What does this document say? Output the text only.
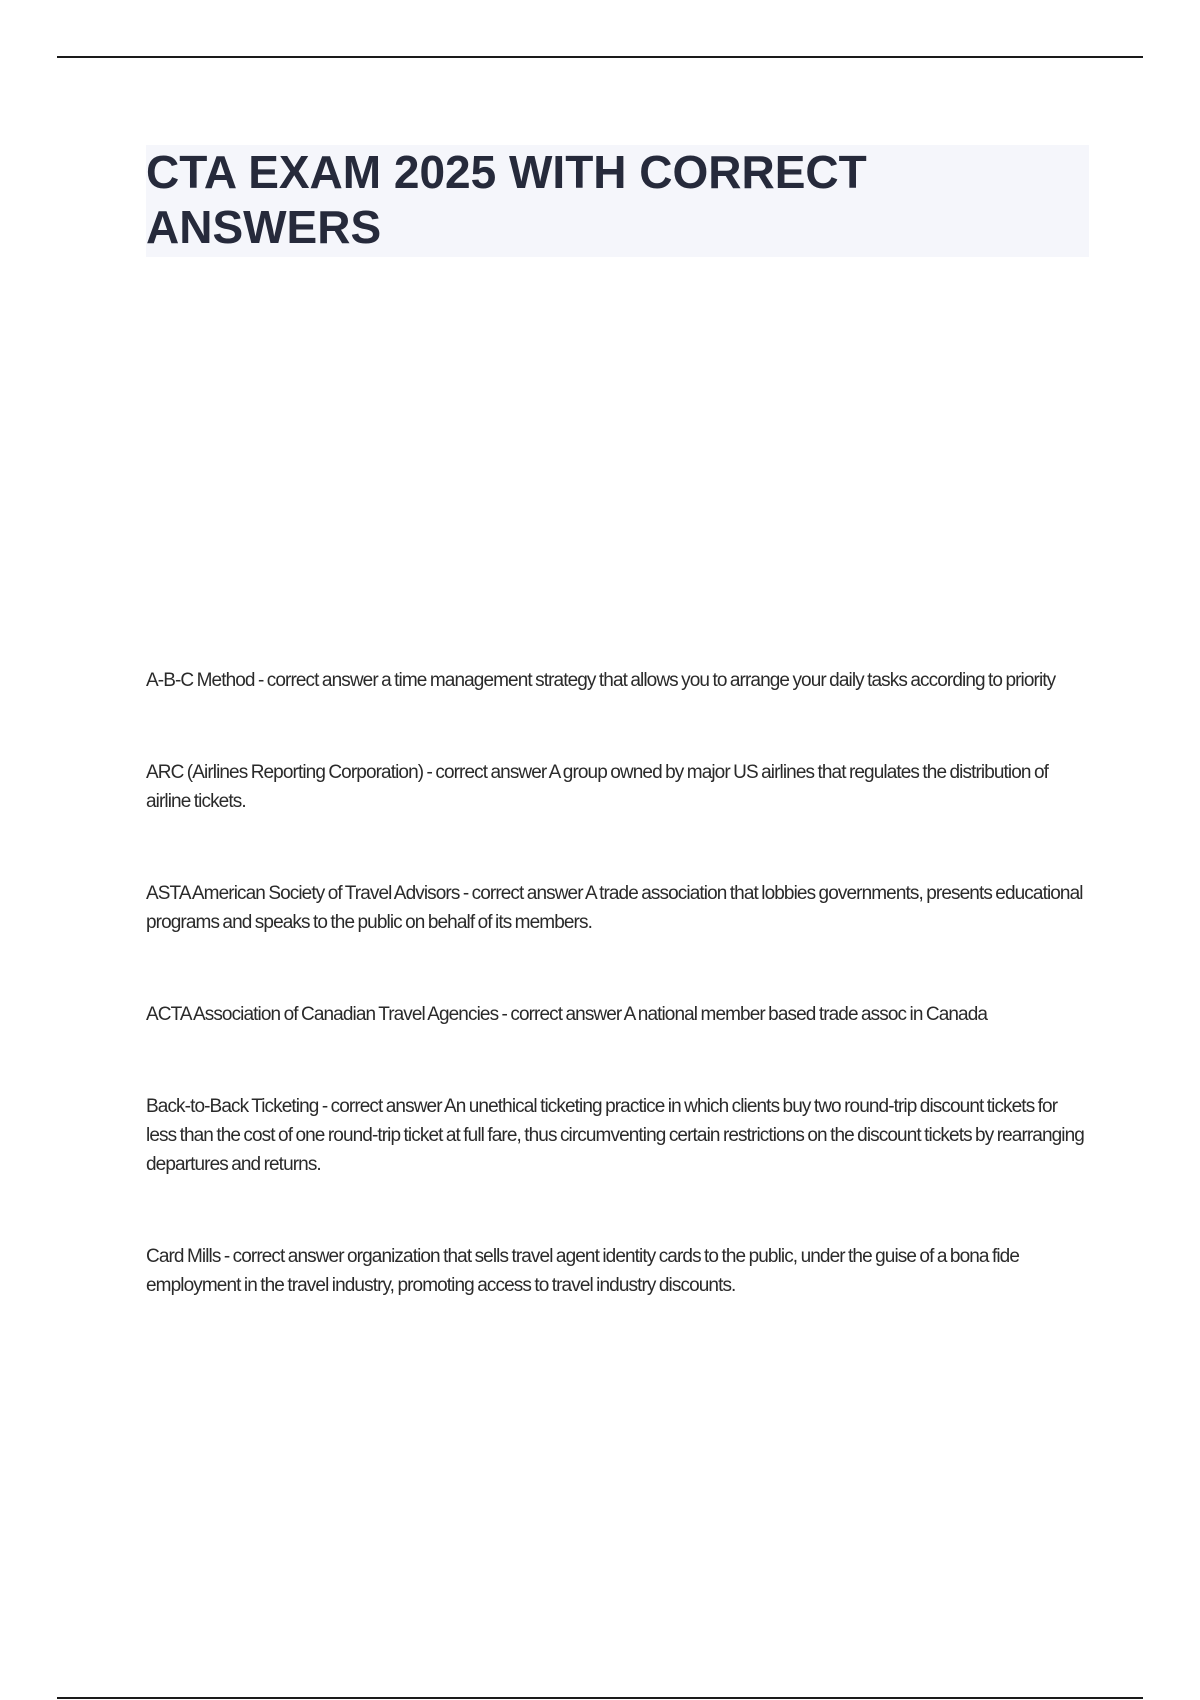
CTA EXAM 2025 WITH CORRECT ANSWERS

A-B-C Method - correct answer a time management strategy that allows you to arrange your daily tasks according to priority

ARC (Airlines Reporting Corporation) - correct answer A group owned by major US airlines that regulates the distribution of airline tickets.

ASTA American Society of Travel Advisors - correct answer A trade association that lobbies governments, presents educational programs and speaks to the public on behalf of its members.

ACTA Association of Canadian Travel Agencies - correct answer A national member based trade assoc in Canada

Back-to-Back Ticketing - correct answer An unethical ticketing practice in which clients buy two round-trip discount tickets for less than the cost of one round-trip ticket at full fare, thus circumventing certain restrictions on the discount tickets by rearranging departures and returns.

Card Mills - correct answer organization that sells travel agent identity cards to the public, under the guise of a bona fide employment in the travel industry, promoting access to travel industry discounts.
